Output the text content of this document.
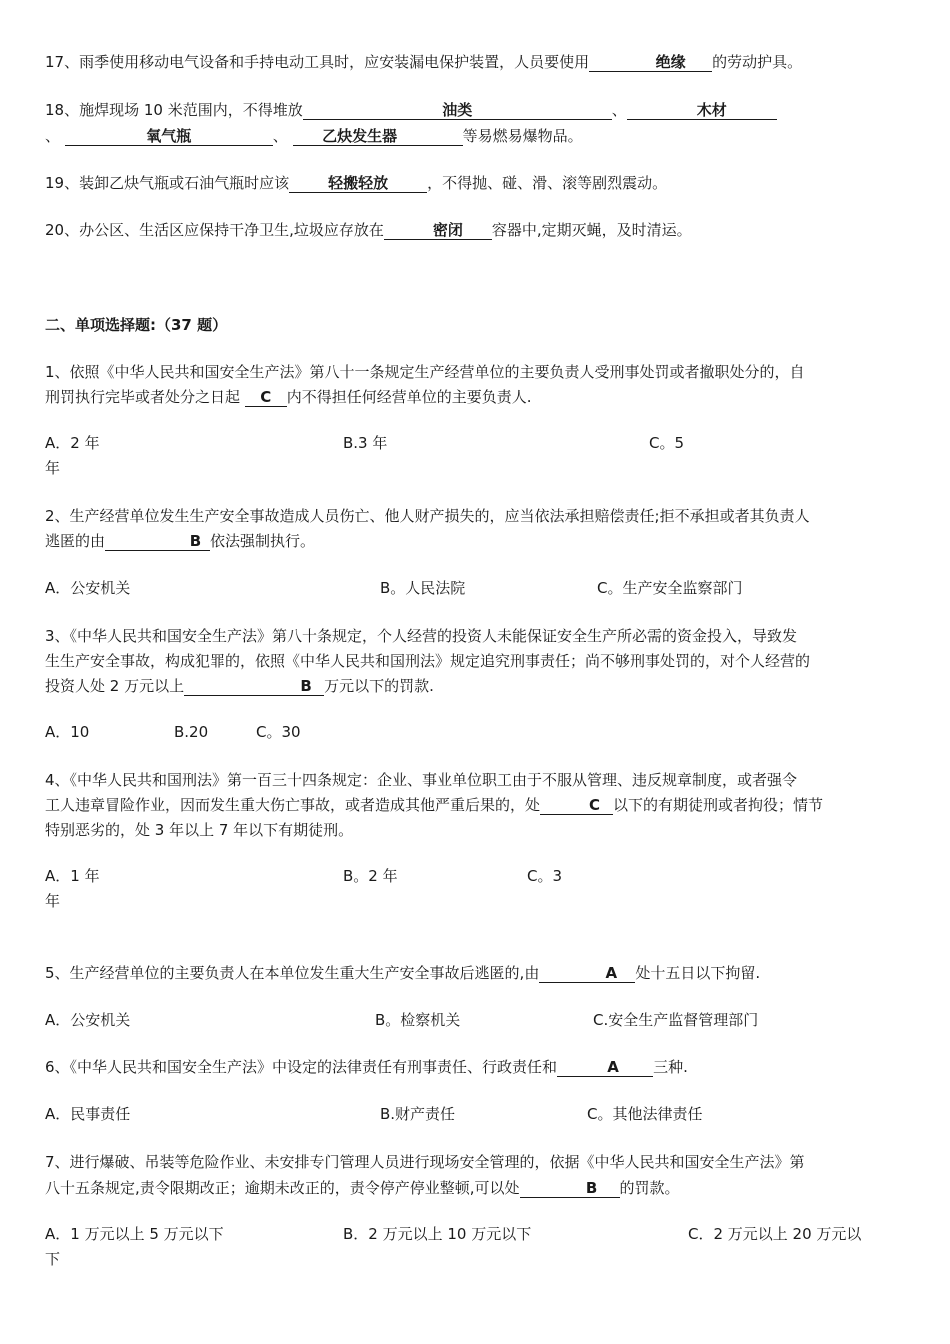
17、雨季使用移动电气设备和手持电动工具时，应安装漏电保护装置，人员要使用	绝缘 的劳动护具。
18、施焊现场 10 米范围内，不得堆放	油类	、	木材
、	氧气瓶	、 乙炔发生器	等易燃易爆物品。
19、装卸乙炔气瓶或石油气瓶时应该	轻搬轻放	，不得抛、碰、滑、滚等剧烈震动。
20、办公区、生活区应保持干净卫生,垃圾应存放在	密闭 容器中,定期灭蝇，及时清运。
二、单项选择题:（37 题）
1、依照《中华人民共和国安全生产法》第八十一条规定生产经营单位的主要负责人受刑事处罚或者撤职处分的，自
刑罚执行完毕或者处分之日起 C 内不得担任何经营单位的主要负责人.
A．2 年	B.3 年	C。5
年
2、生产经营单位发生生产安全事故造成人员伤亡、他人财产损失的，应当依法承担赔偿责任;拒不承担或者其负责人
逃匿的由	B 依法强制执行。
A．公安机关	B。人民法院	C。生产安全监察部门
3、《中华人民共和国安全生产法》第八十条规定，个人经营的投资人未能保证安全生产所必需的资金投入，导致发
生生产安全事故，构成犯罪的，依照《中华人民共和国刑法》规定追究刑事责任；尚不够刑事处罚的，对个人经营的
投资人处 2 万元以上	B 万元以下的罚款.
A．10	B.20	C。30
4、《中华人民共和国刑法》第一百三十四条规定：企业、事业单位职工由于不服从管理、违反规章制度，或者强令
工人违章冒险作业，因而发生重大伤亡事故，或者造成其他严重后果的，处	C 以下的有期徒刑或者拘役；情节
特别恶劣的，处 3 年以上 7 年以下有期徒刑。
A．1 年	B。2 年	C。3
年
5、生产经营单位的主要负责人在本单位发生重大生产安全事故后逃匿的,由	A 处十五日以下拘留.
A．公安机关	B。检察机关	C.安全生产监督管理部门
6、《中华人民共和国安全生产法》中设定的法律责任有刑事责任、行政责任和	A 三种.
A．民事责任	B.财产责任	C。其他法律责任
7、进行爆破、吊装等危险作业、未安排专门管理人员进行现场安全管理的，依据《中华人民共和国安全生产法》第
八十五条规定,责令限期改正；逾期未改正的，责令停产停业整顿,可以处	B 的罚款。
A．1 万元以上 5 万元以下	B．2 万元以上 10 万元以下	C．2 万元以上 20 万元以
下
